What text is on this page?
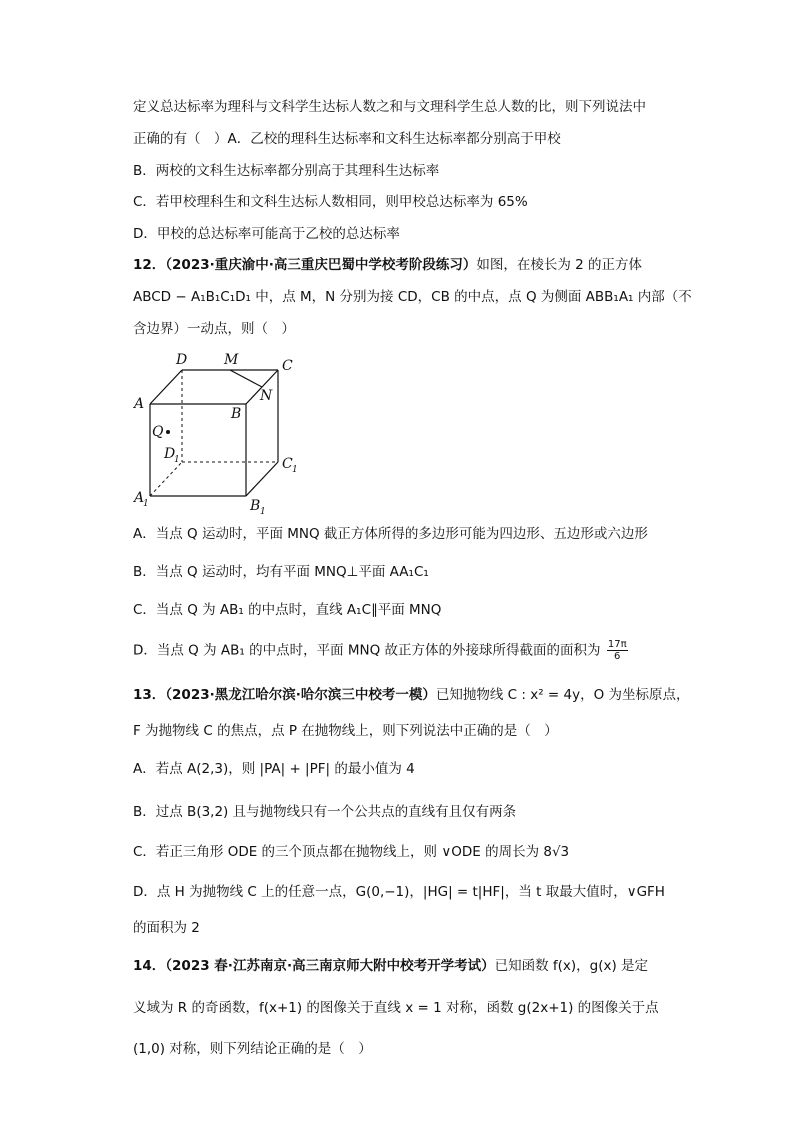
定义总达标率为理科与文科学生达标人数之和与文理科学生总人数的比，则下列说法中
正确的有（　）A．乙校的理科生达标率和文科生达标率都分别高于甲校
B．两校的文科生达标率都分别高于其理科生达标率
C．若甲校理科生和文科生达标人数相同，则甲校总达标率为 65%
D．甲校的总达标率可能高于乙校的总达标率
12．（2023·重庆渝中·高三重庆巴蜀中学校考阶段练习）如图，在棱长为 2 的正方体
ABCD − A₁B₁C₁D₁ 中，点 M，N 分别为接 CD，CB 的中点，点 Q 为侧面 ABB₁A₁ 内部（不
含边界）一动点，则（　）
D	M	C
A
B
N
Q
D
1	C 1
A
1	B 1
A．当点 Q 运动时，平面 MNQ 截正方体所得的多边形可能为四边形、五边形或六边形
B．当点 Q 运动时，均有平面 MNQ⊥平面 AA₁C₁
C．当点 Q 为 AB₁ 的中点时，直线 A₁C∥平面 MNQ
D．当点 Q 为 AB₁ 的中点时，平面 MNQ 故正方体的外接球所得截面的面积为 $\frac{17\pi}{6}$
13．（2023·黑龙江哈尔滨·哈尔滨三中校考一模）已知抛物线 C : x² = 4y，O 为坐标原点，
F 为抛物线 C 的焦点，点 P 在抛物线上，则下列说法中正确的是（　）
A．若点 A(2,3)，则 |PA| + |PF| 的最小值为 4
B．过点 B(3,2) 且与抛物线只有一个公共点的直线有且仅有两条
C．若正三角形 ODE 的三个顶点都在抛物线上，则 ∨ODE 的周长为 8√3
D．点 H 为抛物线 C 上的任意一点，G(0,−1)，|HG| = t|HF|，当 t 取最大值时，∨GFH
的面积为 2
14．（2023 春·江苏南京·高三南京师大附中校考开学考试）已知函数 f(x)，g(x) 是定
义域为 R 的奇函数，f(x+1) 的图像关于直线 x = 1 对称，函数 g(2x+1) 的图像关于点
(1,0) 对称，则下列结论正确的是（　）
